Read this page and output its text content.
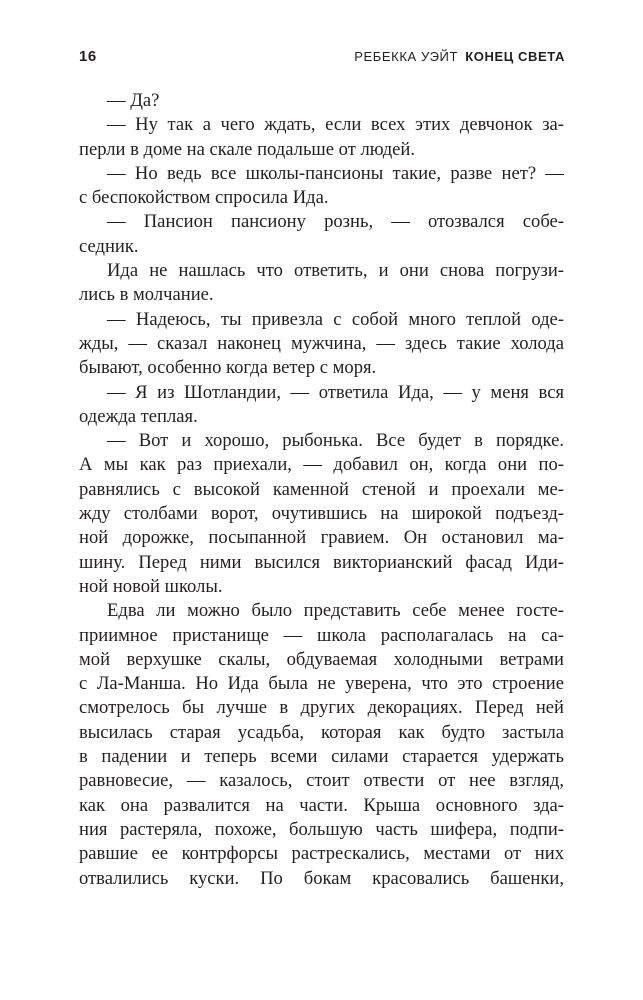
16	РЕБЕККА УЭЙТ КОНЕЦ СВЕТА
— Да?
— Ну так а чего ждать, если всех этих девчонок за-
перли в доме на скале подальше от людей.
— Но ведь все школы-пансионы такие, разве нет? —
с беспокойством спросила Ида.
— Пансион пансиону рознь, — отозвался собе-
седник.
Ида не нашлась что ответить, и они снова погрузи-
лись в молчание.
— Надеюсь, ты привезла с собой много теплой оде-
жды, — сказал наконец мужчина, — здесь такие холода
бывают, особенно когда ветер с моря.
— Я из Шотландии, — ответила Ида, — у меня вся
одежда теплая.
— Вот и хорошо, рыбонька. Все будет в порядке.
А мы как раз приехали, — добавил он, когда они по-
равнялись с высокой каменной стеной и проехали ме-
жду столбами ворот, очутившись на широкой подъезд-
ной дорожке, посыпанной гравием. Он остановил ма-
шину. Перед ними высился викторианский фасад Иди-
ной новой школы.
Едва ли можно было представить себе менее госте-
приимное пристанище — школа располагалась на са-
мой верхушке скалы, обдуваемая холодными ветрами
с Ла-Манша. Но Ида была не уверена, что это строение
смотрелось бы лучше в других декорациях. Перед ней
высилась старая усадьба, которая как будто застыла
в падении и теперь всеми силами старается удержать
равновесие, — казалось, стоит отвести от нее взгляд,
как она развалится на части. Крыша основного зда-
ния растеряла, похоже, большую часть шифера, подпи-
равшие ее контрфорсы растрескались, местами от них
отвалились куски. По бокам красовались башенки,
